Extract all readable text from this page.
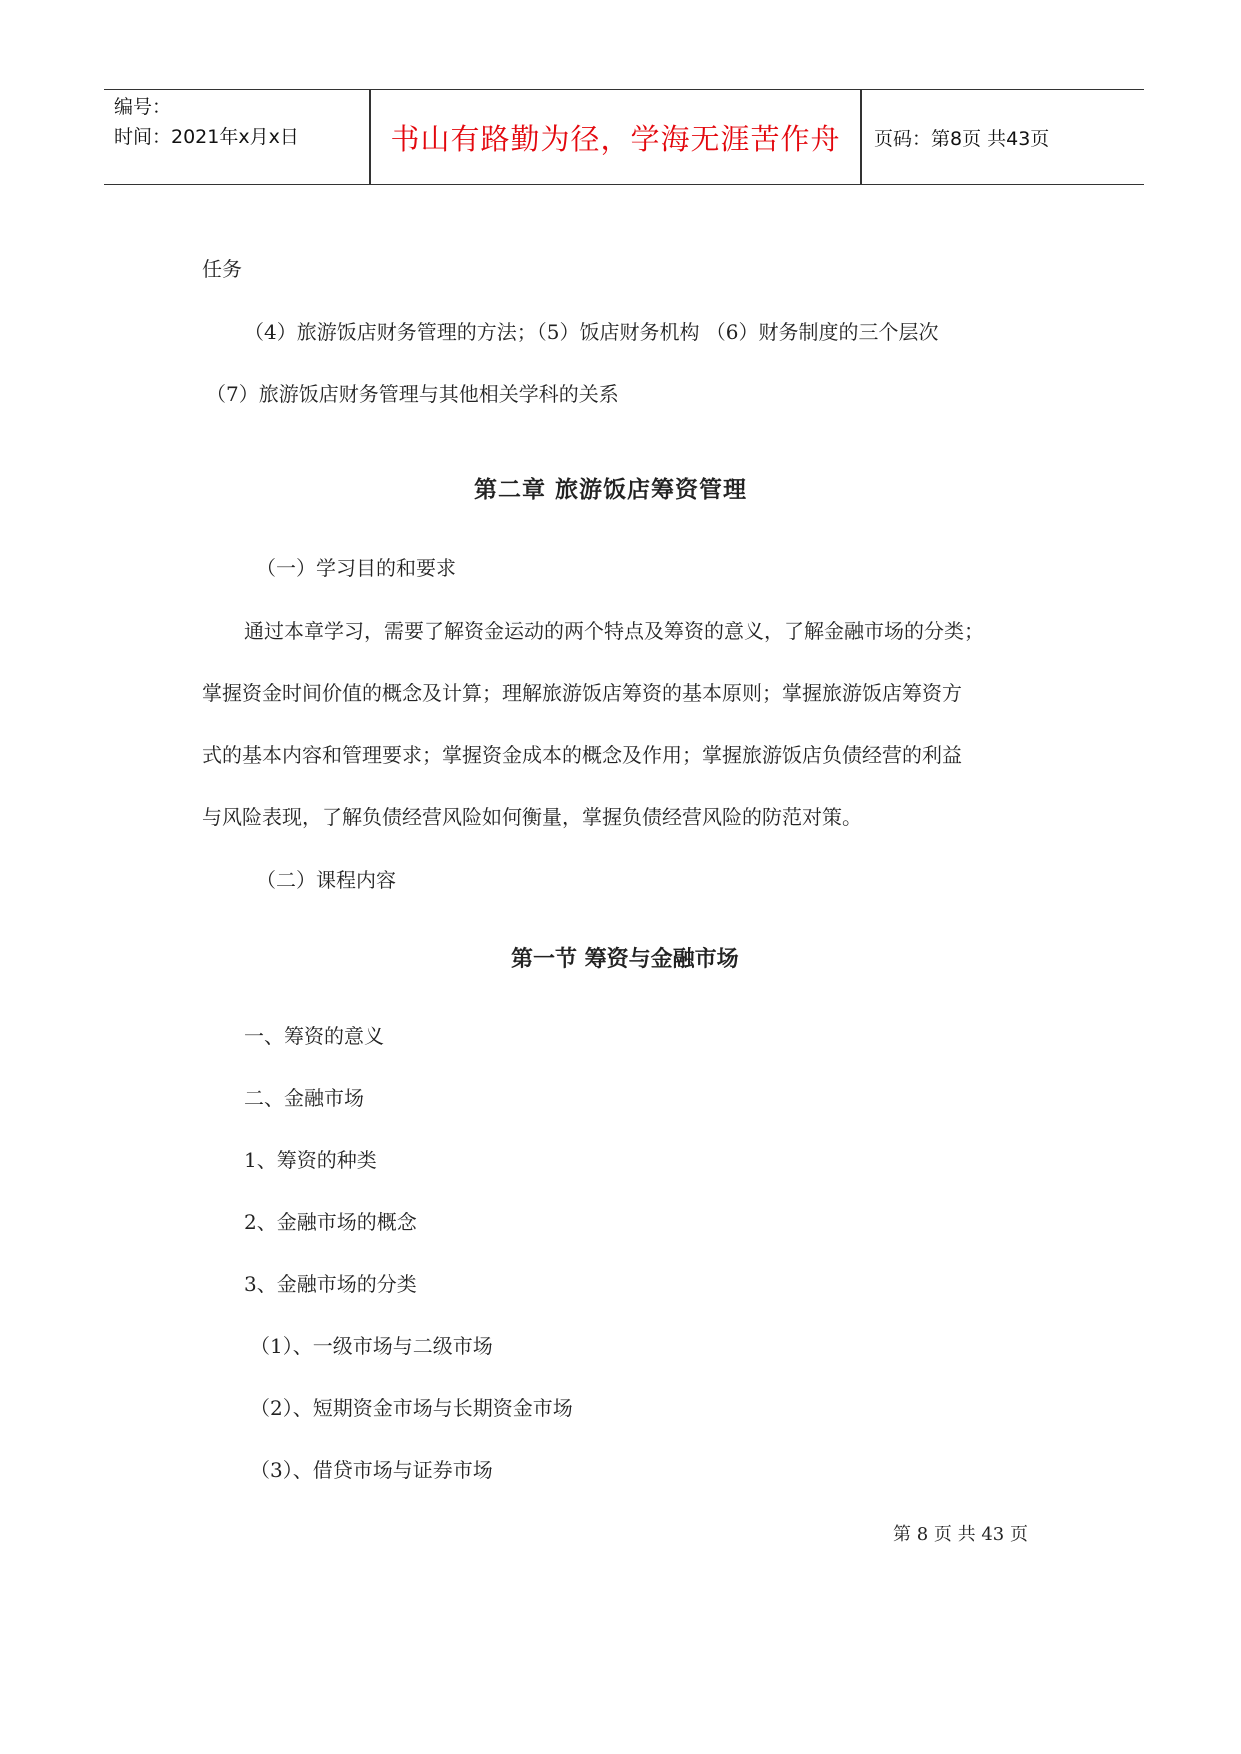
编号：
时间：2021年x月x日	书山有路勤为径，学海无涯苦作舟	页码：第8页 共43页
任务
（4）旅游饭店财务管理的方法；（5）饭店财务机构 （6）财务制度的三个层次
（7）旅游饭店财务管理与其他相关学科的关系
第二章 旅游饭店筹资管理
（一）学习目的和要求
通过本章学习，需要了解资金运动的两个特点及筹资的意义，了解金融市场的分类；
掌握资金时间价值的概念及计算；理解旅游饭店筹资的基本原则；掌握旅游饭店筹资方
式的基本内容和管理要求；掌握资金成本的概念及作用；掌握旅游饭店负债经营的利益
与风险表现，了解负债经营风险如何衡量，掌握负债经营风险的防范对策。
（二）课程内容
第一节 筹资与金融市场
一、筹资的意义
二、金融市场
1、筹资的种类
2、金融市场的概念
3、金融市场的分类
（1）、一级市场与二级市场
（2）、短期资金市场与长期资金市场
（3）、借贷市场与证券市场
第 8 页 共 43 页
